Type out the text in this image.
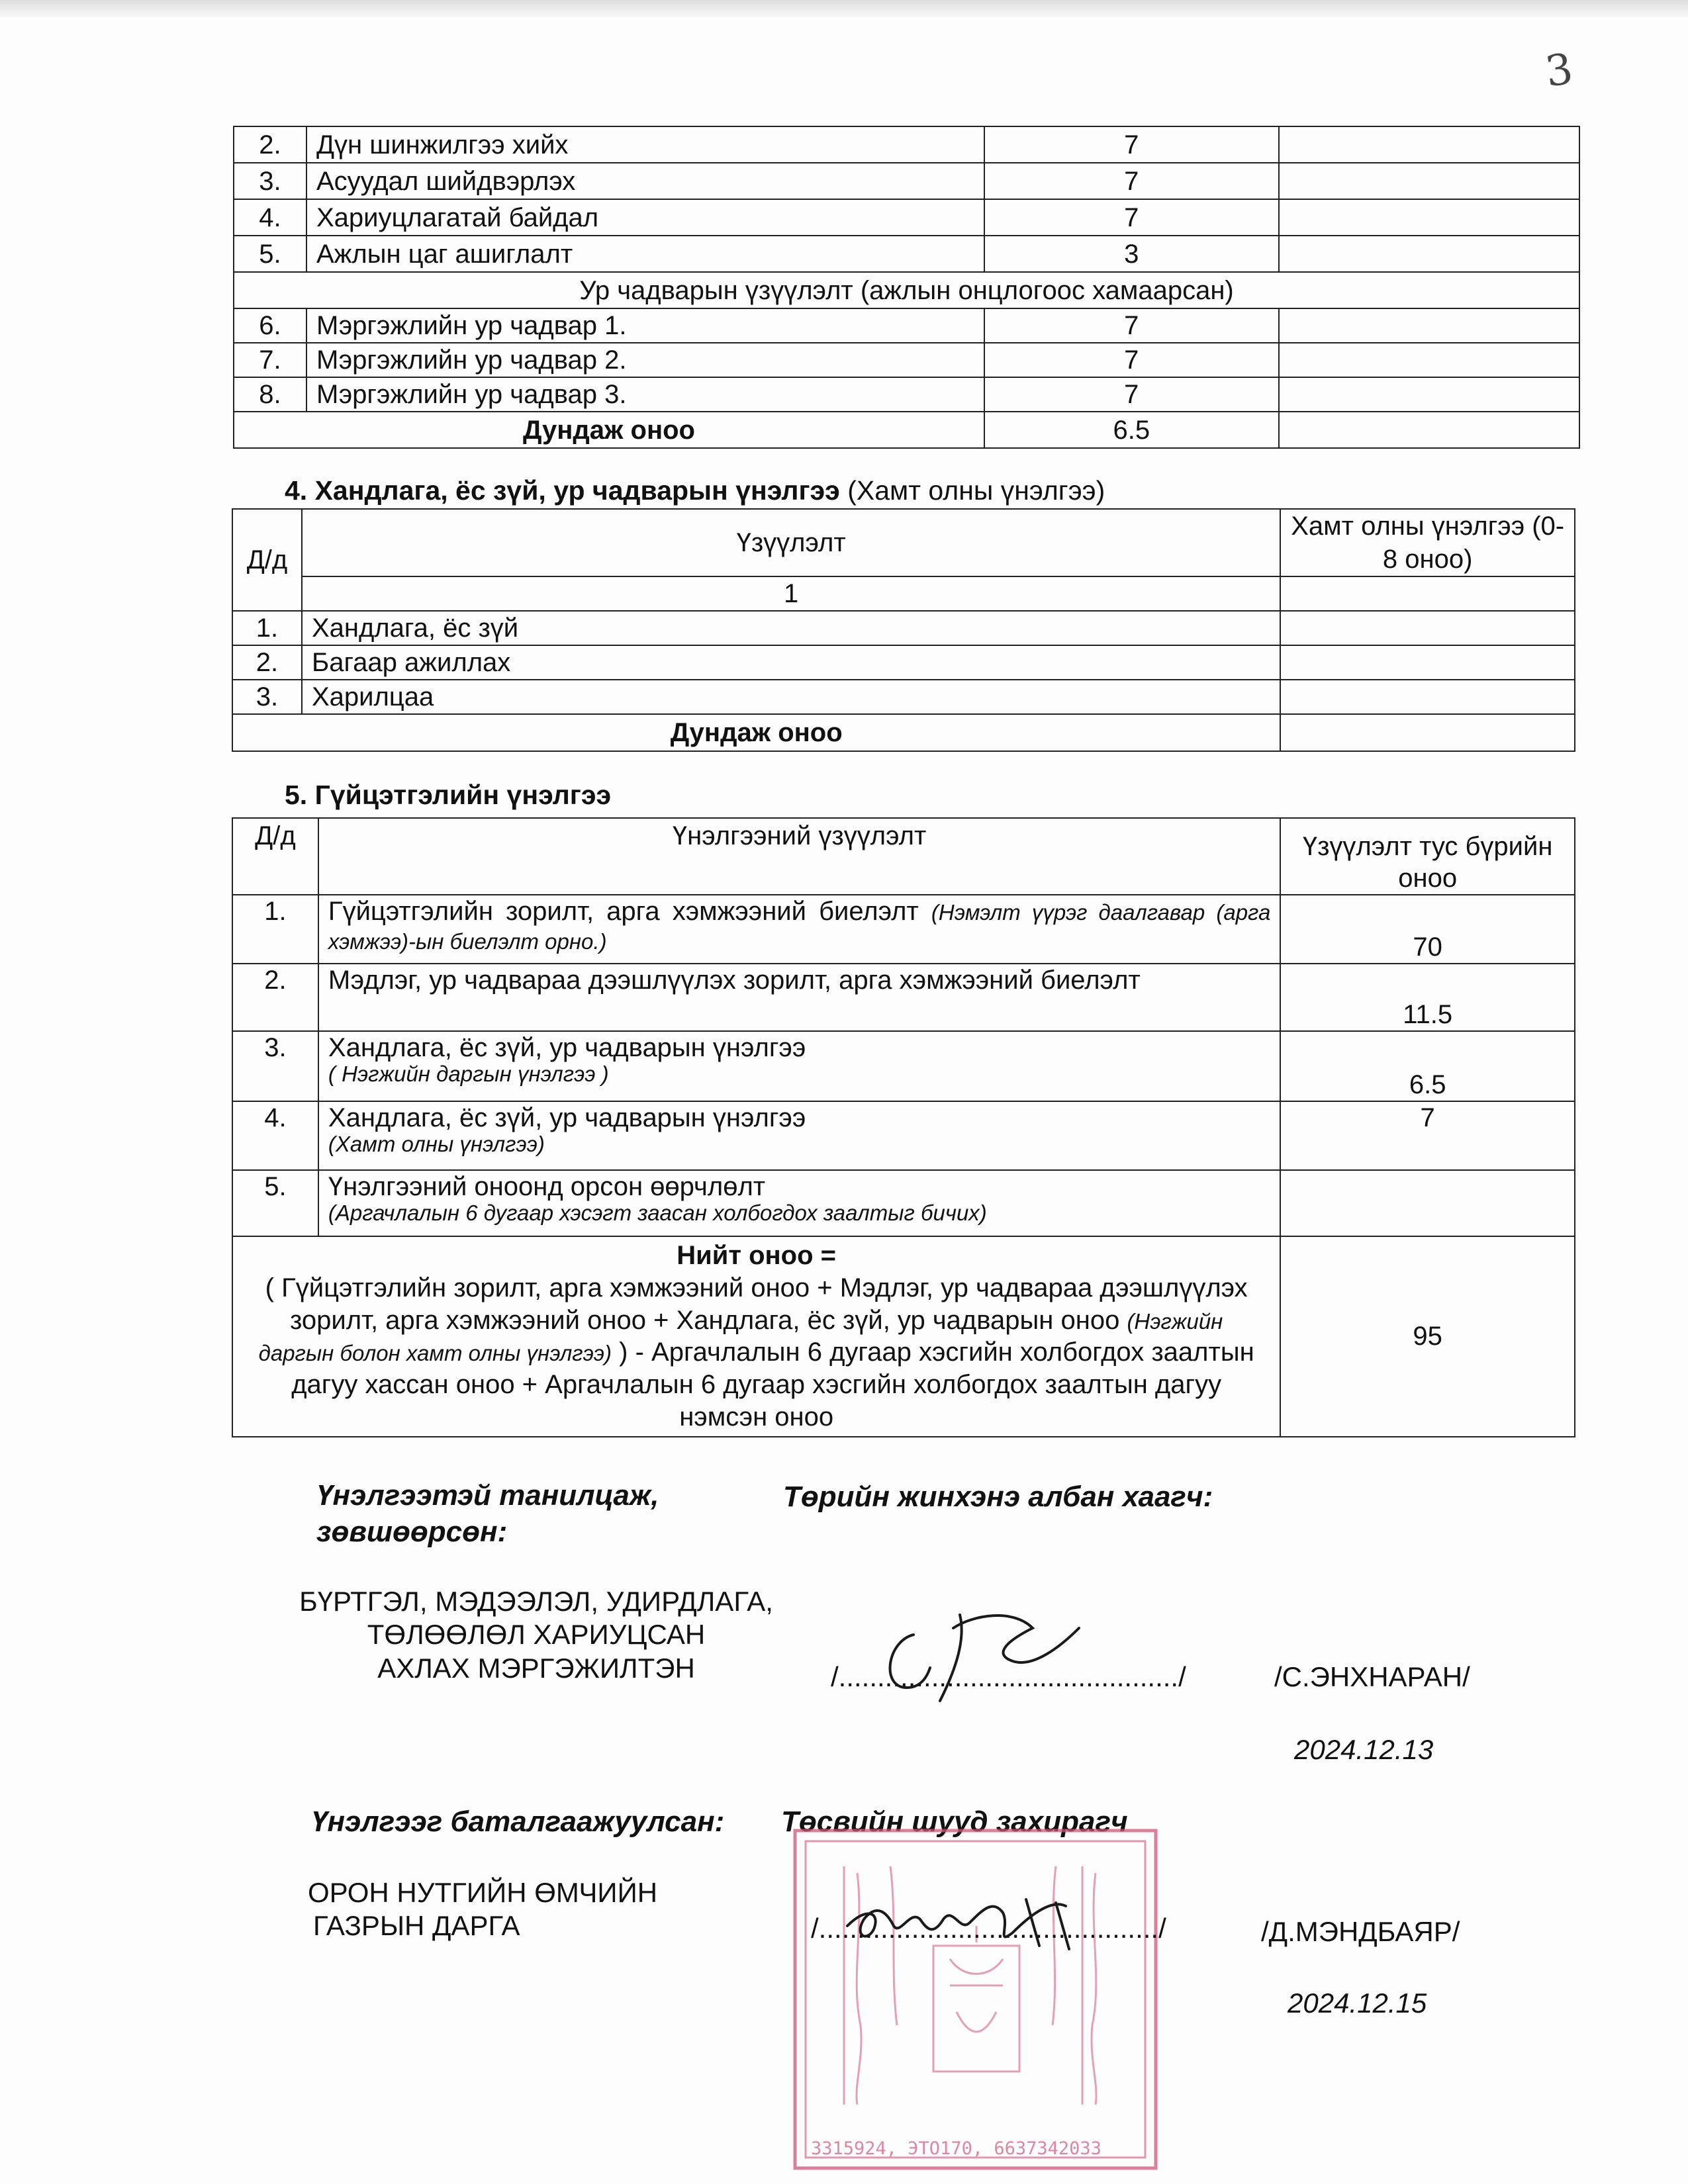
3
2.	Дүн шинжилгээ хийх	7	
3.	Асуудал шийдвэрлэх	7	
4.	Хариуцлагатай байдал	7	
5.	Ажлын цаг ашиглалт	3	
Ур чадварын үзүүлэлт (ажлын онцлогоос хамаарсан)			
6.	Мэргэжлийн ур чадвар 1.	7	
7.	Мэргэжлийн ур чадвар 2.	7	
8.	Мэргэжлийн ур чадвар 3.	7	
Дундаж оноо		6.5	
4. Хандлага, ёс зүй, ур чадварын үнэлгээ (Хамт олны үнэлгээ)
Д/д	Үзүүлэлт	Хамт олны үнэлгээ (0-8 оноо)
	1	
1.	Хандлага, ёс зүй	
2.	Багаар ажиллах	
3.	Харилцаа	
Дундаж оноо		
5. Гүйцэтгэлийн үнэлгээ
Д/д	Үнэлгээний үзүүлэлт	Үзүүлэлт тус бүрийн оноо
1.	Гүйцэтгэлийн зорилт, арга хэмжээний биелэлт (Нэмэлт үүрэг даалгавар (арга хэмжээ)-ын биелэлт орно.)	70
2.	Мэдлэг, ур чадвараа дээшлүүлэх зорилт, арга хэмжээний биелэлт	11.5
3.	Хандлага, ёс зүй, ур чадварын үнэлгээ
( Нэгжийн даргын үнэлгээ )	6.5
4.	Хандлага, ёс зүй, ур чадварын үнэлгээ
(Хамт олны үнэлгээ)	7
5.	Үнэлгээний оноонд орсон өөрчлөлт
(Аргачлалын 6 дугаар хэсэгт заасан холбогдох заалтыг бичих)	

Нийт оноо =
( Гүйцэтгэлийн зорилт, арга хэмжээний оноо + Мэдлэг, ур чадвараа дээшлүүлэх зорилт, арга хэмжээний оноо + Хандлага, ёс зүй, ур чадварын оноо (Нэгжийн даргын болон хамт олны үнэлгээ) ) - Аргачлалын 6 дугаар хэсгийн холбогдох заалтын дагуу хассан оноо + Аргачлалын 6 дугаар хэсгийн холбогдох заалтын дагуу нэмсэн оноо		95
Үнэлгээтэй танилцаж, зөвшөөрсөн:
Төрийн жинхэнэ албан хаагч:
БҮРТГЭЛ, МЭДЭЭЛЭЛ, УДИРДЛАГА,
ТӨЛӨӨЛӨЛ ХАРИУЦСАН
АХЛАХ МЭРГЭЖИЛТЭН	/............................................/	/С.ЭНХНАРАН/
2024.12.13
Үнэлгээг баталгаажуулсан: Төсвийн шууд захирагч
3315924, ЭТО170, 6637342033
ОРОН НУТГИЙН ӨМЧИЙН
ГАЗРЫН ДАРГА	/............................................/	/Д.МЭНДБАЯР/
2024.12.15
